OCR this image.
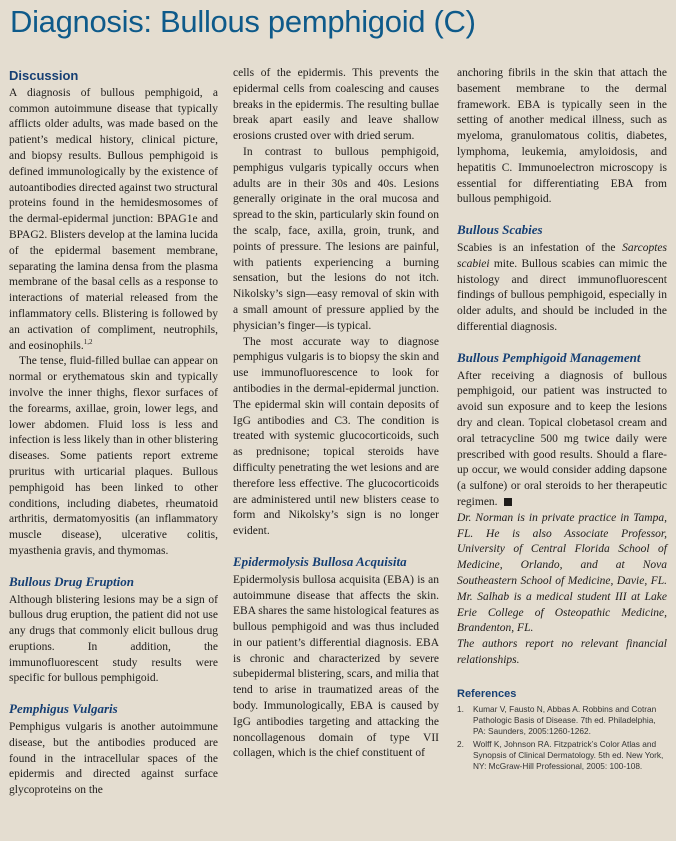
Diagnosis: Bullous pemphigoid (C)
Discussion

A diagnosis of bullous pemphigoid, a common autoimmune disease that typically afflicts older adults, was made based on the patient’s medical history, clinical picture, and biopsy results. Bullous pemphigoid is defined immunologically by the existence of autoantibodies directed against two structural proteins found in the hemidesmosomes of the dermal-epidermal junction: BPAG1e and BPAG2. Blisters develop at the lamina lucida of the epidermal basement membrane, separating the lamina densa from the plasma membrane of the basal cells as a response to interactions of material released from the inflammatory cells. Blistering is followed by an activation of compliment, neutrophils, and eosinophils.$^{1,2}$

The tense, fluid-filled bullae can appear on normal or erythematous skin and typically involve the inner thighs, flexor surfaces of the forearms, axillae, groin, lower legs, and lower abdomen. Fluid loss is less and infection is less likely than in other blistering diseases. Some patients report extreme pruritus with urticarial plaques. Bullous pemphigoid has been linked to other conditions, including diabetes, rheumatoid arthritis, dermatomyositis (an inflammatory muscle disease), ulcerative colitis, myasthenia gravis, and thymomas.

Bullous Drug Eruption

Although blistering lesions may be a sign of bullous drug eruption, the patient did not use any drugs that commonly elicit bullous drug eruptions. In addition, the immunofluorescent study results were specific for bullous pemphigoid.

Pemphigus Vulgaris

Pemphigus vulgaris is another autoimmune disease, but the antibodies produced are found in the intracellular spaces of the epidermis and directed against surface glycoproteins on the

cells of the epidermis. This prevents the epidermal cells from coalescing and causes breaks in the epidermis. The resulting bullae break apart easily and leave shallow erosions crusted over with dried serum.

In contrast to bullous pemphigoid, pemphigus vulgaris typically occurs when adults are in their 30s and 40s. Lesions generally originate in the oral mucosa and spread to the skin, particularly skin found on the scalp, face, axilla, groin, trunk, and points of pressure. The lesions are painful, with patients experiencing a burning sensation, but the lesions do not itch. Nikolsky’s sign—easy removal of skin with a small amount of pressure applied by the physician’s finger—is typical.

The most accurate way to diagnose pemphigus vulgaris is to biopsy the skin and use immunofluorescence to look for antibodies in the dermal-epidermal junction. The epidermal skin will contain deposits of IgG antibodies and C3. The condition is treated with systemic glucocorticoids, such as prednisone; topical steroids have difficulty penetrating the wet lesions and are therefore less effective. The glucocorticoids are administered until new blisters cease to form and Nikolsky’s sign is no longer evident.

Epidermolysis Bullosa Acquisita

Epidermolysis bullosa acquisita (EBA) is an autoimmune disease that affects the skin. EBA shares the same histological features as bullous pemphigoid and was thus included in our patient’s differential diagnosis. EBA is chronic and characterized by severe subepidermal blistering, scars, and milia that tend to arise in traumatized areas of the body. Immunologically, EBA is caused by IgG antibodies targeting and attacking the noncollagenous domain of type VII collagen, which is the chief constituent of

anchoring fibrils in the skin that attach the basement membrane to the dermal framework. EBA is typically seen in the setting of another medical illness, such as myeloma, granulomatous colitis, diabetes, lymphoma, leukemia, amyloidosis, and hepatitis C. Immunoelectron microscopy is essential for differentiating EBA from bullous pemphigoid.

Bullous Scabies

Scabies is an infestation of the Sarcoptes scabiei mite. Bullous scabies can mimic the histology and direct immunofluorescent findings of bullous pemphigoid, especially in older adults, and should be included in the differential diagnosis.

Bullous Pemphigoid Management

After receiving a diagnosis of bullous pemphigoid, our patient was instructed to avoid sun exposure and to keep the lesions dry and clean. Topical clobetasol cream and oral tetracycline 500 mg twice daily were prescribed with good results. Should a flare-up occur, we would consider adding dapsone (a sulfone) or oral steroids to her therapeutic regimen.

Dr. Norman is in private practice in Tampa, FL. He is also Associate Professor, University of Central Florida School of Medicine, Orlando, and at Nova Southeastern School of Medicine, Davie, FL. Mr. Salhab is a medical student III at Lake Erie College of Osteopathic Medicine, Brandenton, FL.

The authors report no relevant financial relationships.

References
1.	Kumar V, Fausto N, Abbas A. Robbins and Cotran Pathologic Basis of Disease. 7th ed. Philadelphia, PA: Saunders, 2005:1260-1262.
2.	Wolff K, Johnson RA. Fitzpatrick’s Color Atlas and Synopsis of Clinical Dermatology. 5th ed. New York, NY: McGraw-Hill Professional, 2005: 100-108.
